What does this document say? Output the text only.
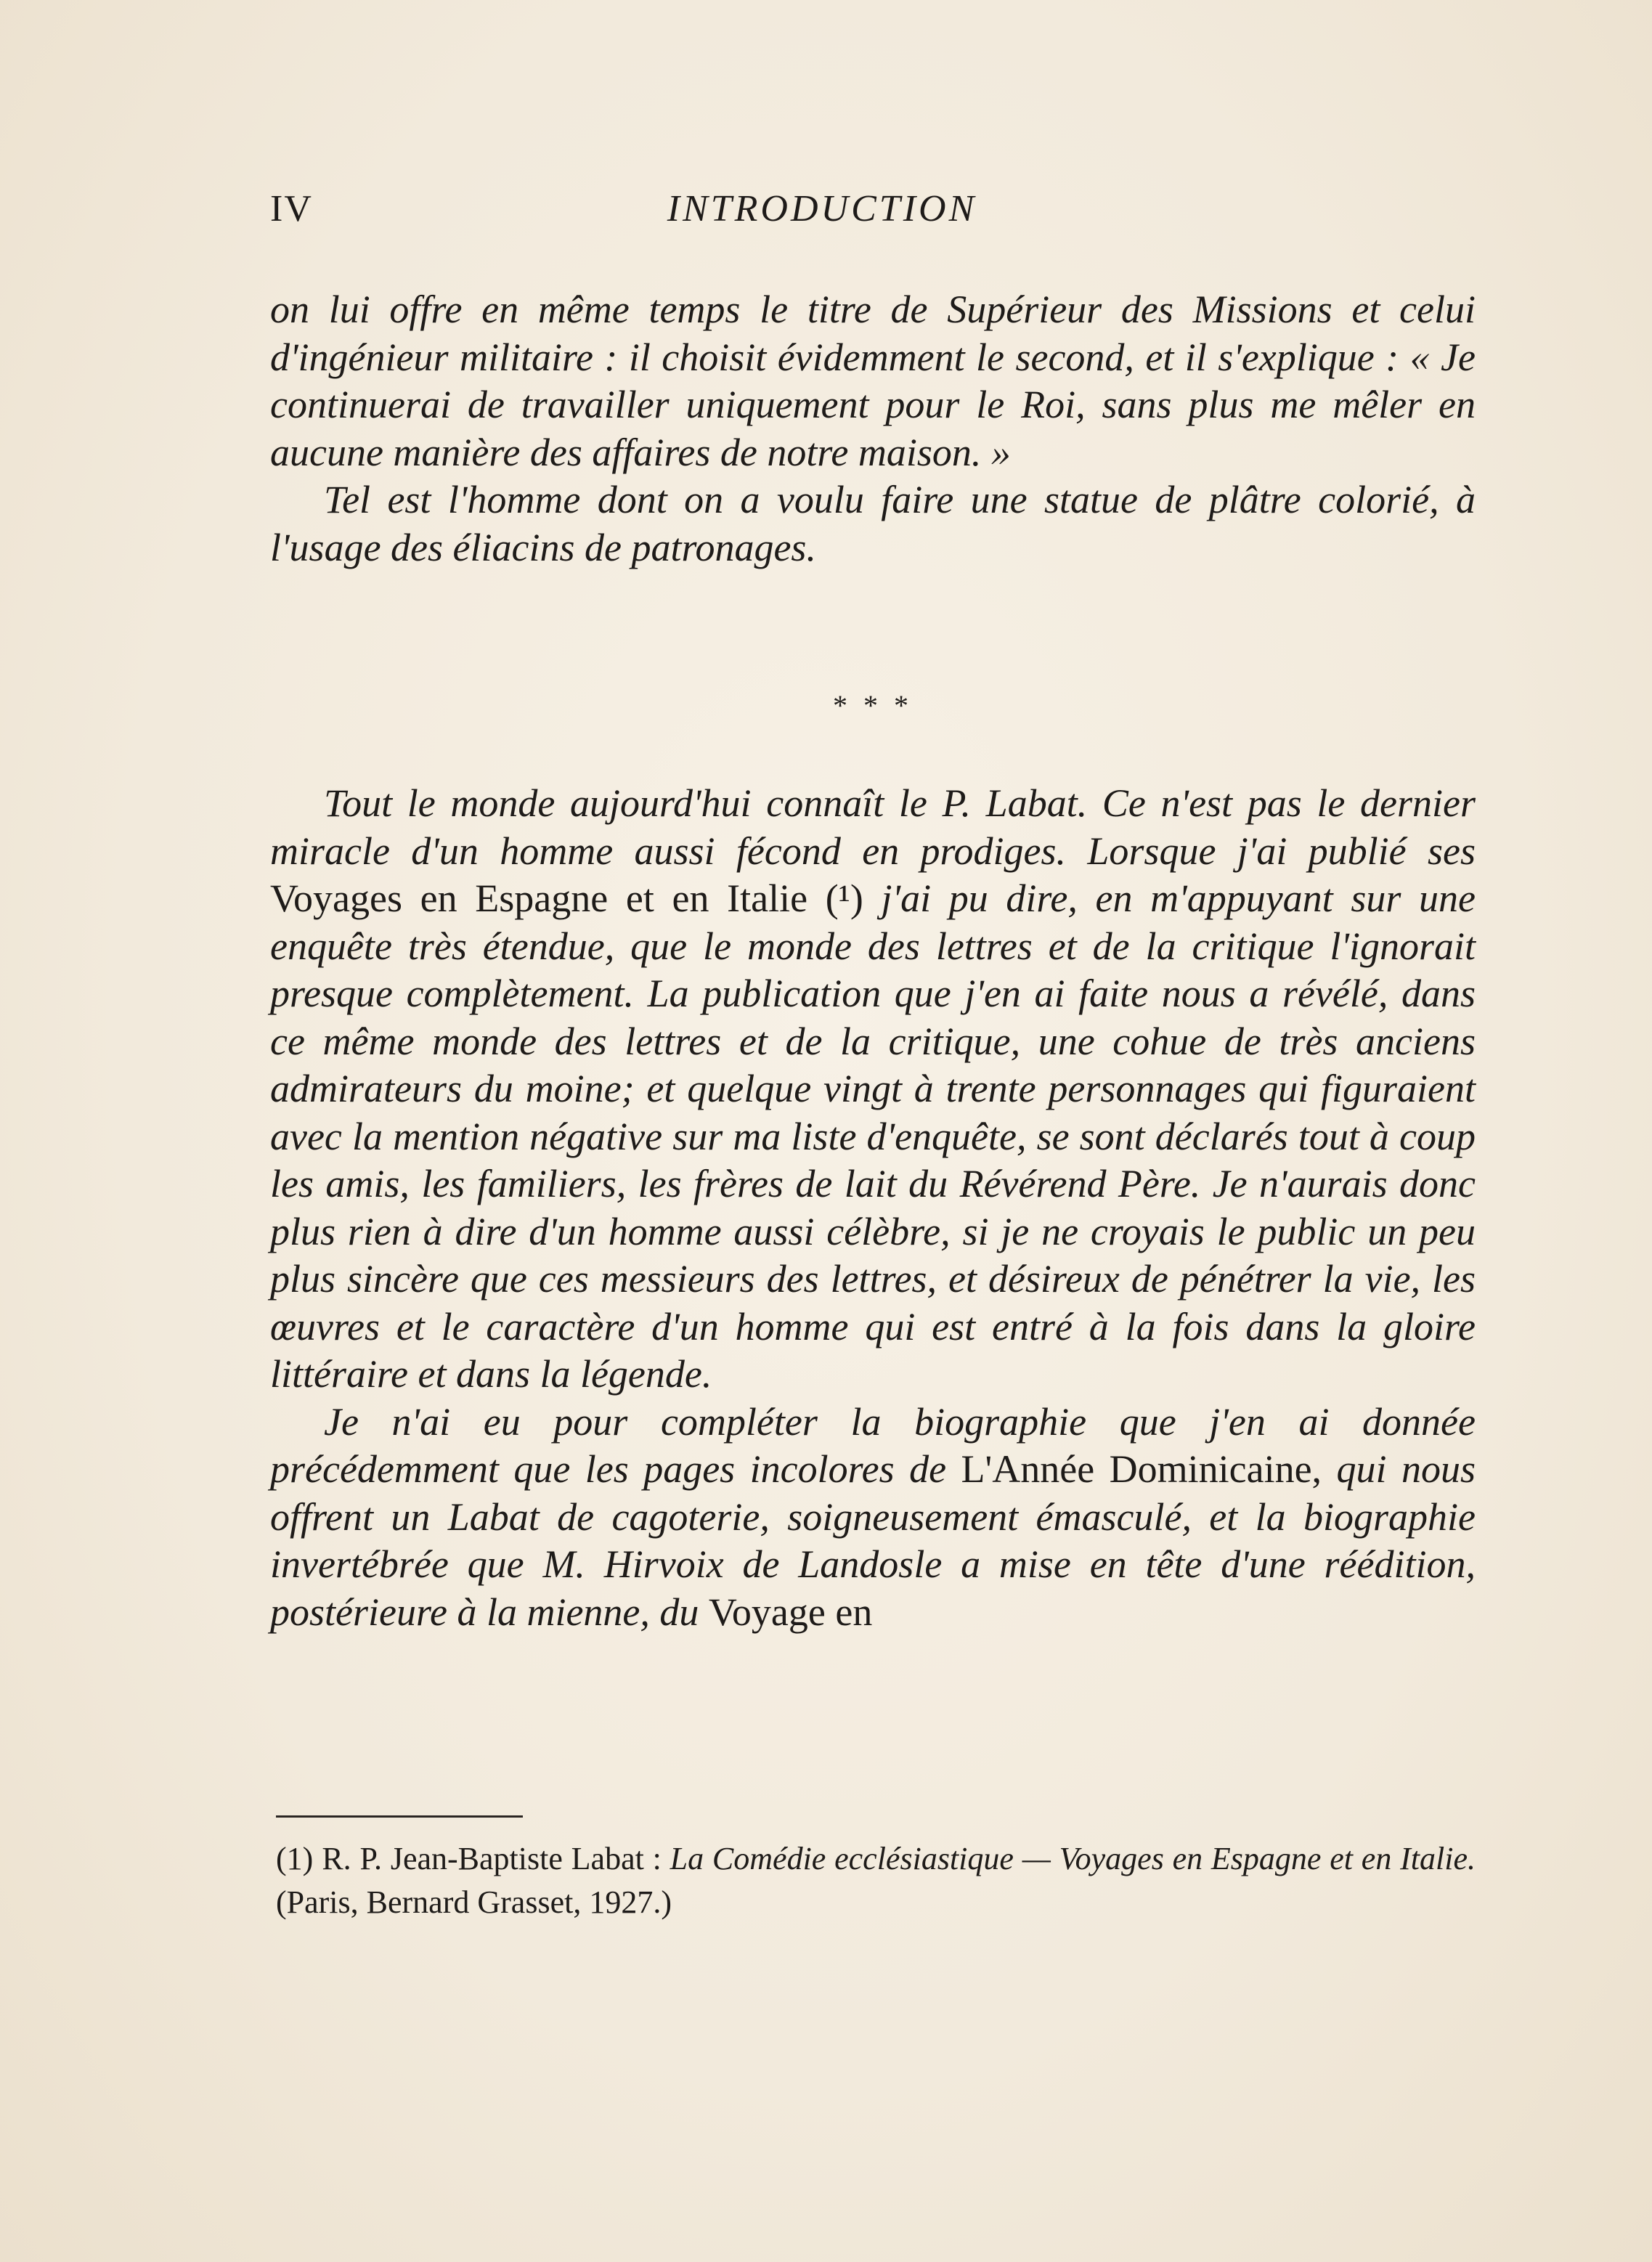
IV	INTRODUCTION

on lui offre en même temps le titre de Supérieur des Missions et celui d'ingénieur militaire : il choisit évidemment le second, et il s'explique : « Je continuerai de travailler uniquement pour le Roi, sans plus me mêler en aucune manière des affaires de notre maison. »

Tel est l'homme dont on a voulu faire une statue de plâtre colorié, à l'usage des éliacins de patronages.

* * *

Tout le monde aujourd'hui connaît le P. Labat. Ce n'est pas le dernier miracle d'un homme aussi fécond en prodiges. Lorsque j'ai publié ses Voyages en Espagne et en Italie (¹) j'ai pu dire, en m'appuyant sur une enquête très étendue, que le monde des lettres et de la critique l'ignorait presque complètement. La publication que j'en ai faite nous a révélé, dans ce même monde des lettres et de la critique, une cohue de très anciens admirateurs du moine; et quelque vingt à trente personnages qui figuraient avec la mention négative sur ma liste d'enquête, se sont déclarés tout à coup les amis, les familiers, les frères de lait du Révérend Père. Je n'aurais donc plus rien à dire d'un homme aussi célèbre, si je ne croyais le public un peu plus sincère que ces messieurs des lettres, et désireux de pénétrer la vie, les œuvres et le caractère d'un homme qui est entré à la fois dans la gloire littéraire et dans la légende.

Je n'ai eu pour compléter la biographie que j'en ai donnée précédemment que les pages incolores de L'Année Dominicaine, qui nous offrent un Labat de cagoterie, soigneusement émasculé, et la biographie invertébrée que M. Hirvoix de Landosle a mise en tête d'une réédition, postérieure à la mienne, du Voyage en

(1) R. P. Jean-Baptiste Labat : La Comédie ecclésiastique — Voyages en Espagne et en Italie. (Paris, Bernard Grasset, 1927.)
